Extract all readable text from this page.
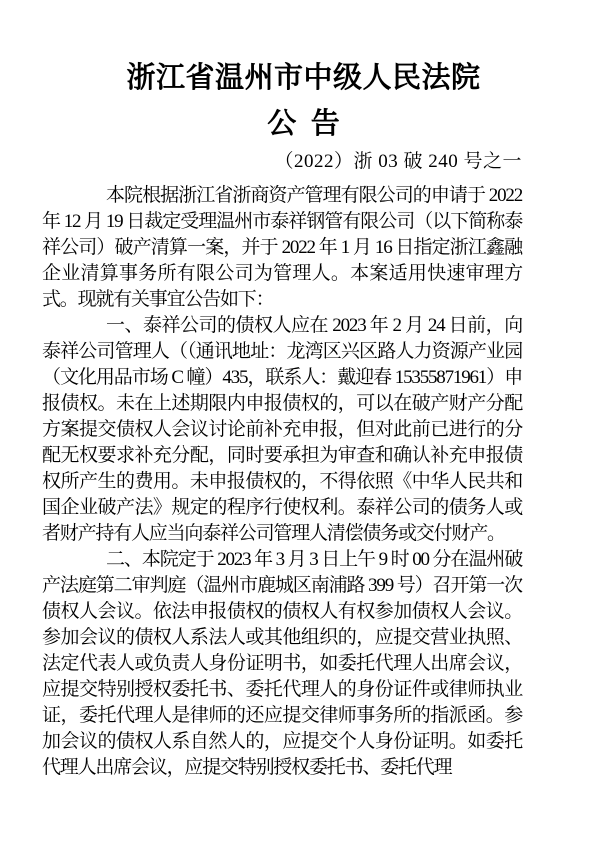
浙江省温州市中级人民法院
公  告
（2022）浙 03 破 240 号之一

本院根据浙江省浙商资产管理有限公司的申请于 2022 年 12 月 19 日裁定受理温州市泰祥钢管有限公司（以下简称泰祥公司）破产清算一案，并于 2022 年 1 月 16 日指定浙江鑫融企业清算事务所有限公司为管理人。本案适用快速审理方式。现就有关事宜公告如下：

一、泰祥公司的债权人应在 2023 年 2 月 24 日前，向泰祥公司管理人（（通讯地址：龙湾区兴区路人力资源产业园（文化用品市场 C 幢）435，联系人：戴迎春 15355871961）申报债权。未在上述期限内申报债权的，可以在破产财产分配方案提交债权人会议讨论前补充申报，但对此前已进行的分配无权要求补充分配，同时要承担为审查和确认补充申报债权所产生的费用。未申报债权的，不得依照《中华人民共和国企业破产法》规定的程序行使权利。泰祥公司的债务人或者财产持有人应当向泰祥公司管理人清偿债务或交付财产。

二、本院定于 2023 年 3 月 3 日上午 9 时 00 分在温州破产法庭第二审判庭（温州市鹿城区南浦路 399 号）召开第一次债权人会议。依法申报债权的债权人有权参加债权人会议。参加会议的债权人系法人或其他组织的，应提交营业执照、法定代表人或负责人身份证明书，如委托代理人出席会议，应提交特别授权委托书、委托代理人的身份证件或律师执业证，委托代理人是律师的还应提交律师事务所的指派函。参加会议的债权人系自然人的，应提交个人身份证明。如委托代理人出席会议，应提交特别授权委托书、委托代理
